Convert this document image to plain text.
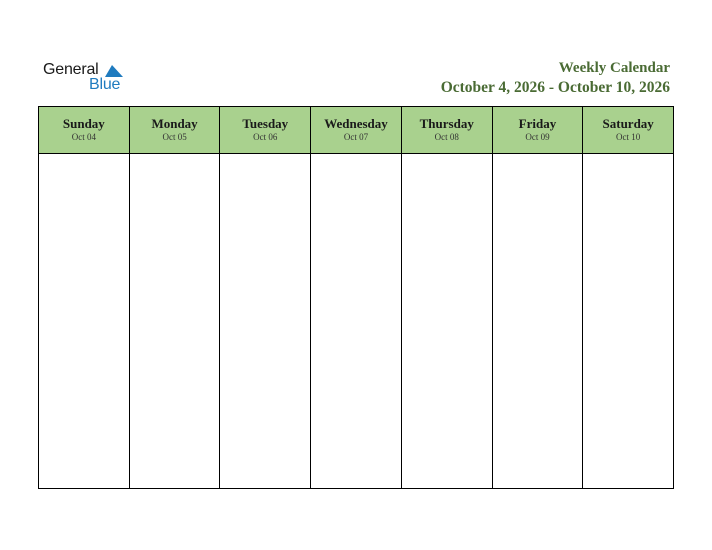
General
Blue
Weekly Calendar
October 4, 2026 - October 10, 2026
Sunday
Oct 04
Monday
Oct 05
Tuesday
Oct 06
Wednesday
Oct 07
Thursday
Oct 08
Friday
Oct 09
Saturday
Oct 10
